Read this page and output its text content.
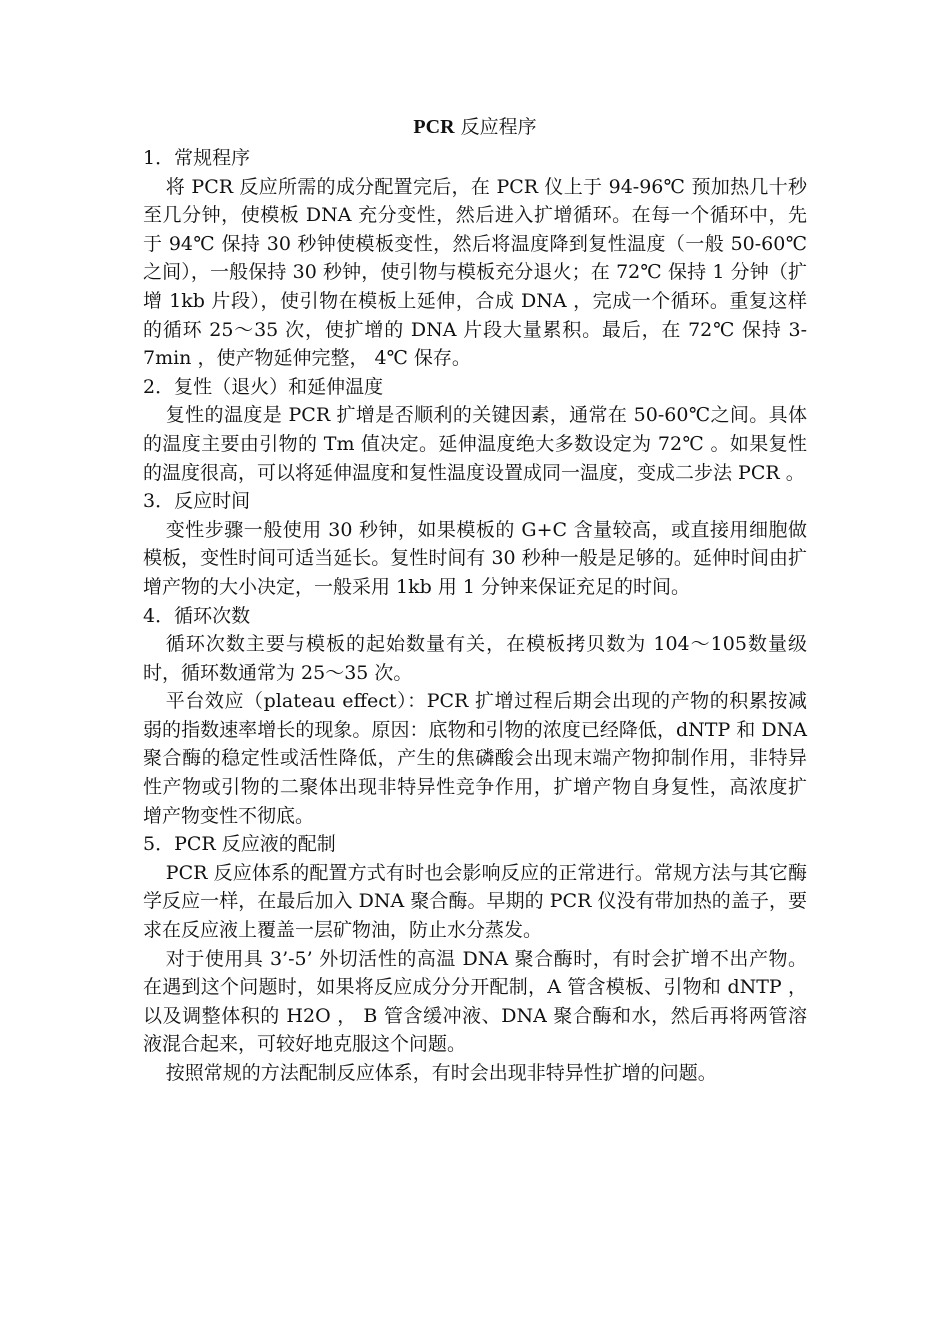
PCR 反应程序

1．常规程序

将 PCR 反应所需的成分配置完后，在 PCR 仪上于 94-96℃ 预加热几十秒至几分钟，使模板 DNA 充分变性，然后进入扩增循环。在每一个循环中，先于 94℃ 保持 30 秒钟使模板变性，然后将温度降到复性温度（一般 50-60℃ 之间），一般保持 30 秒钟，使引物与模板充分退火；在 72℃ 保持 1 分钟（扩增 1kb 片段），使引物在模板上延伸，合成 DNA ，完成一个循环。重复这样的循环 25～35 次，使扩增的 DNA 片段大量累积。最后，在 72℃ 保持 3-7min ，使产物延伸完整， 4℃ 保存。

2．复性（退火）和延伸温度

复性的温度是 PCR 扩增是否顺利的关键因素，通常在 50-60℃之间。具体的温度主要由引物的 Tm 值决定。延伸温度绝大多数设定为 72℃ 。如果复性的温度很高，可以将延伸温度和复性温度设置成同一温度，变成二步法 PCR 。

3．反应时间

变性步骤一般使用 30 秒钟，如果模板的 G+C 含量较高，或直接用细胞做模板，变性时间可适当延长。复性时间有 30 秒种一般是足够的。延伸时间由扩增产物的大小决定，一般采用 1kb 用 1 分钟来保证充足的时间。

4．循环次数

循环次数主要与模板的起始数量有关，在模板拷贝数为 104～105数量级时，循环数通常为 25～35 次。

平台效应（plateau effect）：PCR 扩增过程后期会出现的产物的积累按减弱的指数速率增长的现象。原因：底物和引物的浓度已经降低，dNTP 和 DNA 聚合酶的稳定性或活性降低，产生的焦磷酸会出现末端产物抑制作用，非特异性产物或引物的二聚体出现非特异性竞争作用，扩增产物自身复性，高浓度扩增产物变性不彻底。

5．PCR 反应液的配制

PCR 反应体系的配置方式有时也会影响反应的正常进行。常规方法与其它酶学反应一样，在最后加入 DNA 聚合酶。早期的 PCR 仪没有带加热的盖子，要求在反应液上覆盖一层矿物油，防止水分蒸发。

对于使用具 3’-5’ 外切活性的高温 DNA 聚合酶时，有时会扩增不出产物。在遇到这个问题时，如果将反应成分分开配制，A 管含模板、引物和 dNTP ，以及调整体积的 H2O ， B 管含缓冲液、DNA 聚合酶和水，然后再将两管溶液混合起来，可较好地克服这个问题。

按照常规的方法配制反应体系，有时会出现非特异性扩增的问题。
